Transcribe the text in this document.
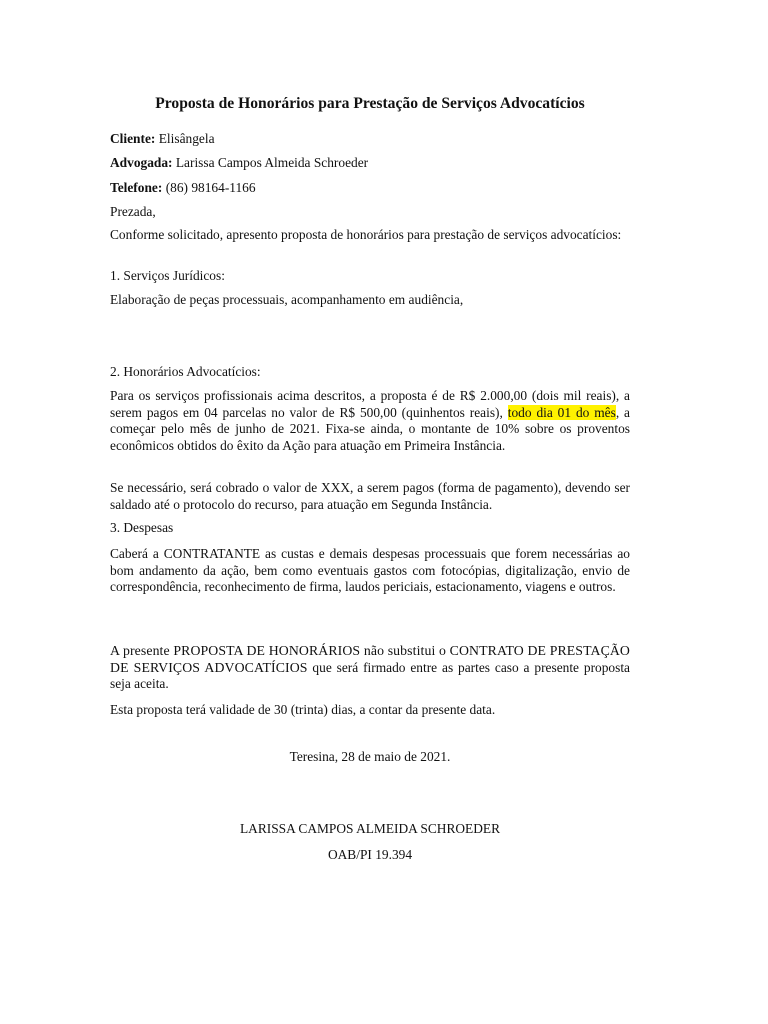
Proposta de Honorários para Prestação de Serviços Advocatícios
Cliente: Elisângela
Advogada: Larissa Campos Almeida Schroeder
Telefone: (86) 98164-1166
Prezada,

Conforme solicitado, apresento proposta de honorários para prestação de serviços advocatícios:

1. Serviços Jurídicos:
Elaboração de peças processuais, acompanhamento em audiência,
2. Honorários Advocatícios:

Para os serviços profissionais acima descritos, a proposta é de R$ 2.000,00 (dois mil reais), a serem pagos em 04 parcelas no valor de R$ 500,00 (quinhentos reais), todo dia 01 do mês, a começar pelo mês de junho de 2021. Fixa-se ainda, o montante de 10% sobre os proventos econômicos obtidos do êxito da Ação para atuação em Primeira Instância.

Se necessário, será cobrado o valor de XXX, a serem pagos (forma de pagamento), devendo ser saldado até o protocolo do recurso, para atuação em Segunda Instância.

3. Despesas

Caberá a CONTRATANTE as custas e demais despesas processuais que forem necessárias ao bom andamento da ação, bem como eventuais gastos com fotocópias, digitalização, envio de correspondência, reconhecimento de firma, laudos periciais, estacionamento, viagens e outros.

A presente PROPOSTA DE HONORÁRIOS não substitui o CONTRATO DE PRESTAÇÃO DE SERVIÇOS ADVOCATÍCIOS que será firmado entre as partes caso a presente proposta seja aceita.

Esta proposta terá validade de 30 (trinta) dias, a contar da presente data.
Teresina, 28 de maio de 2021.
LARISSA CAMPOS ALMEIDA SCHROEDER
OAB/PI 19.394
